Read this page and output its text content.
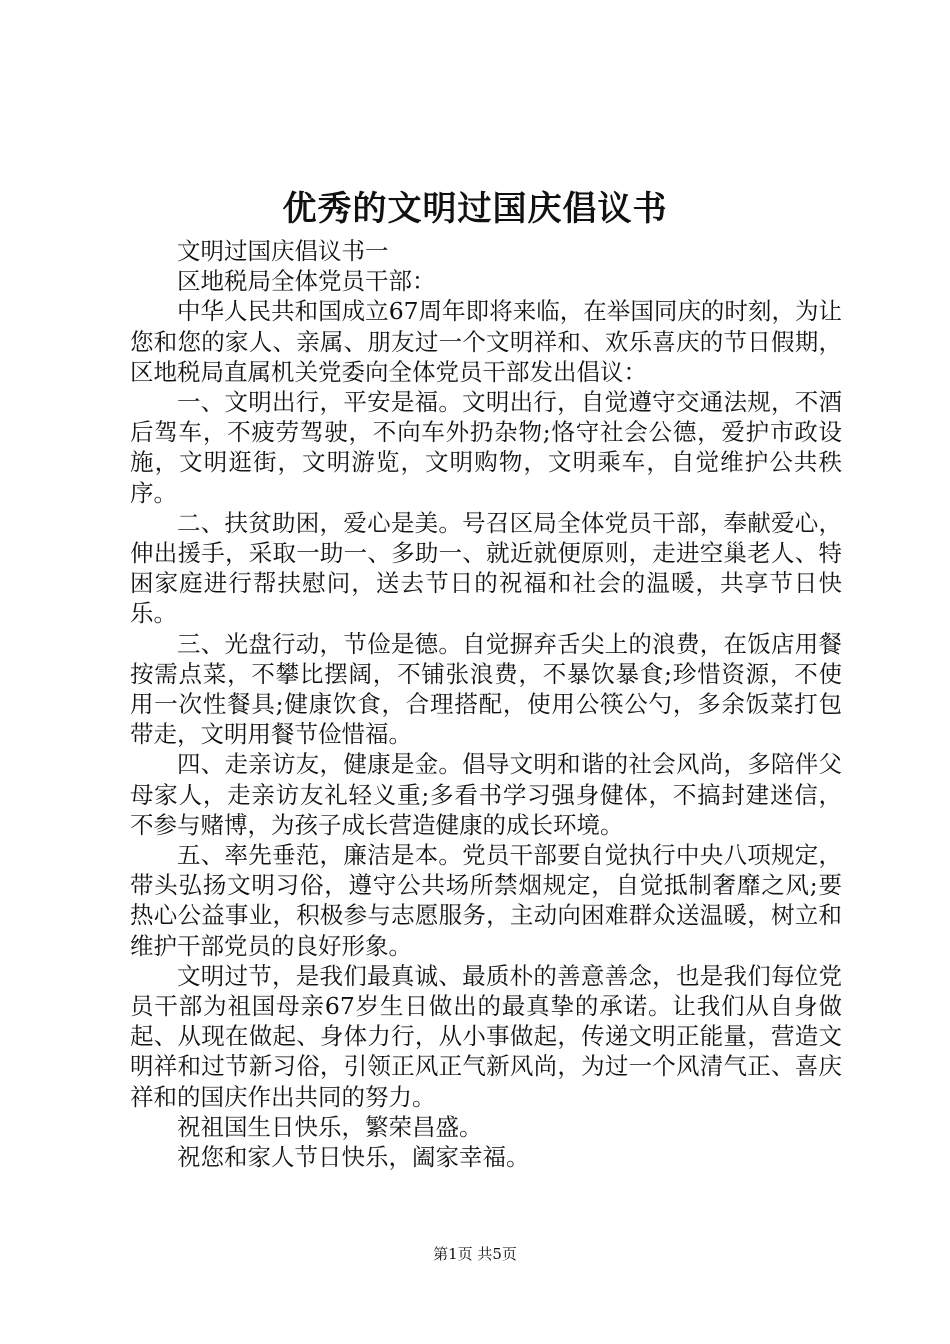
优秀的文明过国庆倡议书

文明过国庆倡议书一

区地税局全体党员干部：

中华人民共和国成立67周年即将来临，在举国同庆的时刻，为让您和您的家人、亲属、朋友过一个文明祥和、欢乐喜庆的节日假期，区地税局直属机关党委向全体党员干部发出倡议：

一、文明出行，平安是福。文明出行，自觉遵守交通法规，不酒后驾车，不疲劳驾驶，不向车外扔杂物;恪守社会公德，爱护市政设施，文明逛街，文明游览，文明购物，文明乘车，自觉维护公共秩序。

二、扶贫助困，爱心是美。号召区局全体党员干部，奉献爱心，伸出援手，采取一助一、多助一、就近就便原则，走进空巢老人、特困家庭进行帮扶慰问，送去节日的祝福和社会的温暖，共享节日快乐。

三、光盘行动，节俭是德。自觉摒弃舌尖上的浪费，在饭店用餐按需点菜，不攀比摆阔，不铺张浪费，不暴饮暴食;珍惜资源，不使用一次性餐具;健康饮食，合理搭配，使用公筷公勺，多余饭菜打包带走，文明用餐节俭惜福。

四、走亲访友，健康是金。倡导文明和谐的社会风尚，多陪伴父母家人，走亲访友礼轻义重;多看书学习强身健体，不搞封建迷信，不参与赌博，为孩子成长营造健康的成长环境。

五、率先垂范，廉洁是本。党员干部要自觉执行中央八项规定，带头弘扬文明习俗，遵守公共场所禁烟规定，自觉抵制奢靡之风;要热心公益事业，积极参与志愿服务，主动向困难群众送温暖，树立和维护干部党员的良好形象。

文明过节，是我们最真诚、最质朴的善意善念，也是我们每位党员干部为祖国母亲67岁生日做出的最真挚的承诺。让我们从自身做起、从现在做起、身体力行，从小事做起，传递文明正能量，营造文明祥和过节新习俗，引领正风正气新风尚，为过一个风清气正、喜庆祥和的国庆作出共同的努力。

祝祖国生日快乐，繁荣昌盛。

祝您和家人节日快乐，阖家幸福。

第1页 共5页
